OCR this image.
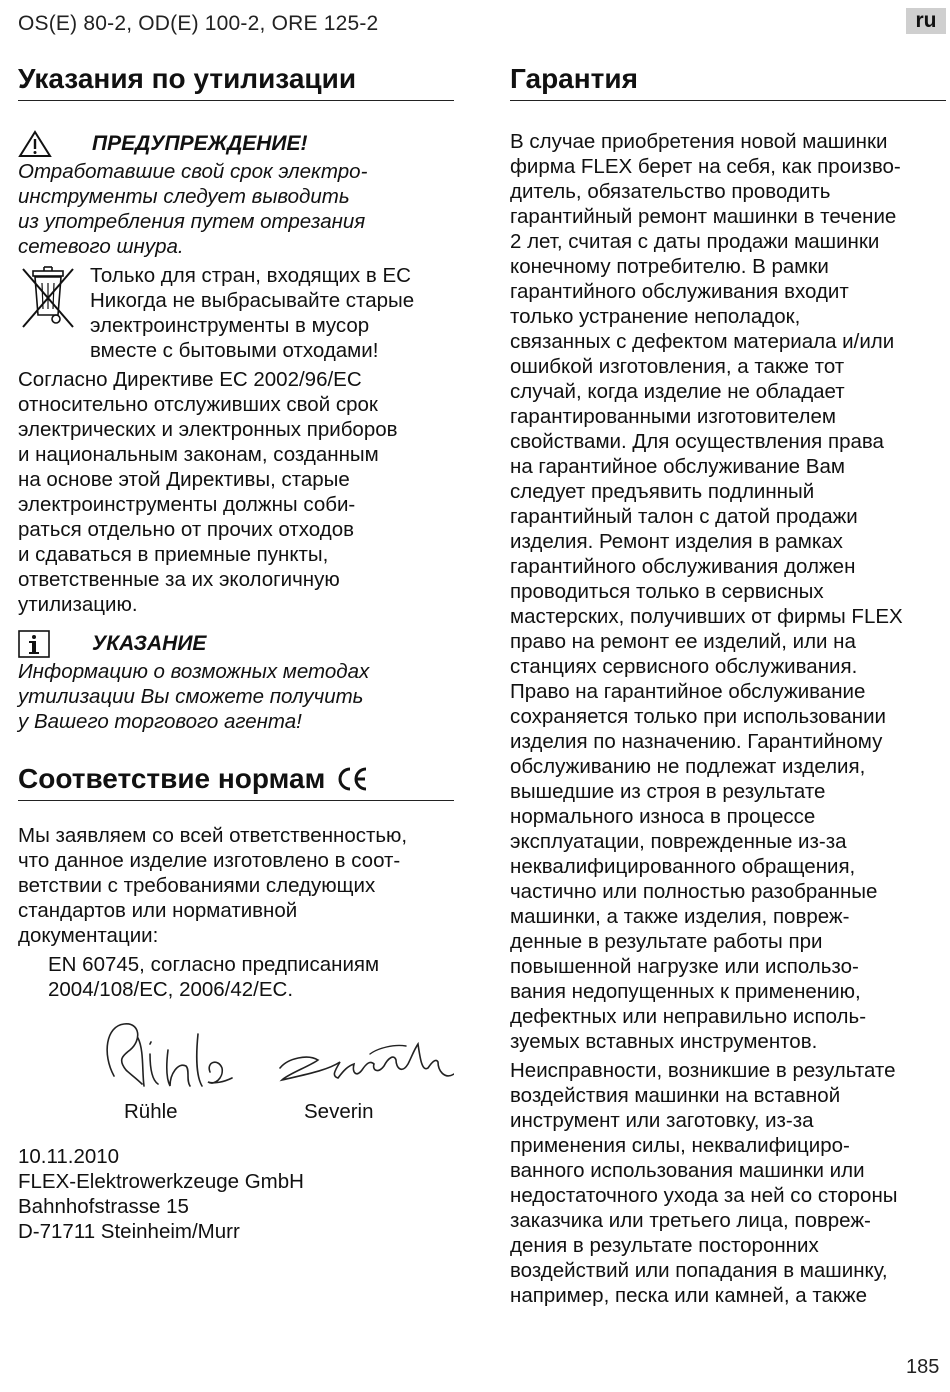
OS(E) 80-2, OD(E) 100-2, ORE 125-2	ru
Указания по утилизации
ПРЕДУПРЕЖДЕНИЕ!

Отработавшие свой срок электро-

инструменты следует выводить

из употребления путем отрезания

сетевого шнура.

Только для стран, входящих в ЕС

Никогда не выбрасывайте старые

электроинструменты в мусор

вместе с бытовыми отходами!

Согласно Директиве ЕС 2002/96/ЕС

относительно отслуживших свой срок

электрических и электронных приборов

и национальным законам, созданным

на основе этой Директивы, старые

электроинструменты должны соби-

раться отдельно от прочих отходов

и сдаваться в приемные пункты,

ответственные за их экологичную

утилизацию.

УКАЗАНИЕ

Информацию о возможных методах

утилизации Вы сможете получить

у Вашего торгового агента!

Соответствие нормам

Мы заявляем со всей ответственностью,

что данное изделие изготовлено в соот-

ветствии с требованиями следующих

стандартов или нормативной

документации:

EN 60745, согласно предписаниям

2004/108/EC, 2006/42/EC.

Rühle	Severin

10.11.2010

FLEX-Elektrowerkzeuge GmbH

Bahnhofstrasse 15

D-71711 Steinheim/Murr

Гарантия

В случае приобретения новой машинки

фирма FLEX берет на себя, как произво-

дитель, обязательство проводить

гарантийный ремонт машинки в течение

2 лет, считая с даты продажи машинки

конечному потребителю. В рамки

гарантийного обслуживания входит

только устранение неполадок,

связанных с дефектом материала и/или

ошибкой изготовления, а также тот

случай, когда изделие не обладает

гарантированными изготовителем

свойствами. Для осуществления права

на гарантийное обслуживание Вам

следует предъявить подлинный

гарантийный талон с датой продажи

изделия. Ремонт изделия в рамках

гарантийного обслуживания должен

проводиться только в сервисных

мастерских, получивших от фирмы FLEX

право на ремонт ее изделий, или на

станциях сервисного обслуживания.

Право на гарантийное обслуживание

сохраняется только при использовании

изделия по назначению. Гарантийному

обслуживанию не подлежат изделия,

вышедшие из строя в результате

нормального износа в процессе

эксплуатации, поврежденные из-за

неквалифицированного обращения,

частично или полностью разобранные

машинки, а также изделия, повреж-

денные в результате работы при

повышенной нагрузке или использо-

вания недопущенных к применению,

дефектных или неправильно исполь-

зуемых вставных инструментов.

Неисправности, возникшие в результате

воздействия машинки на вставной

инструмент или заготовку, из-за

применения силы, неквалифициро-

ванного использования машинки или

недостаточного ухода за ней со стороны

заказчика или третьего лица, повреж-

дения в результате посторонних

воздействий или попадания в машинку,

например, песка или камней, а также

185
